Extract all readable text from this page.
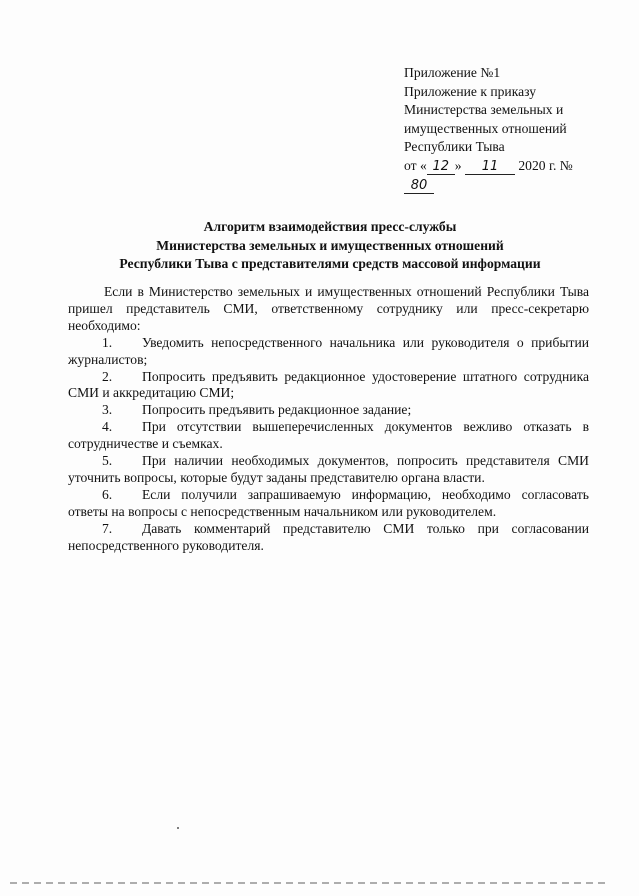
Приложение №1
Приложение к приказу
Министерства земельных и
имущественных отношений
Республики Тыва
от « 12 » 11 2020 г. №
80
Алгоритм взаимодействия пресс-службы
Министерства земельных и имущественных отношений
Республики Тыва с представителями средств массовой информации

Если в Министерство земельных и имущественных отношений Республики Тыва пришел представитель СМИ, ответственному сотруднику или пресс-секретарю необходимо:

1. Уведомить непосредственного начальника или руководителя о прибытии журналистов;

2. Попросить предъявить редакционное удостоверение штатного сотрудника СМИ и аккредитацию СМИ;

3. Попросить предъявить редакционное задание;

4. При отсутствии вышеперечисленных документов вежливо отказать в сотрудничестве и съемках.

5. При наличии необходимых документов, попросить представителя СМИ уточнить вопросы, которые будут заданы представителю органа власти.

6. Если получили запрашиваемую информацию, необходимо согласовать ответы на вопросы с непосредственным начальником или руководителем.

7. Давать комментарий представителю СМИ только при согласовании непосредственного руководителя.
